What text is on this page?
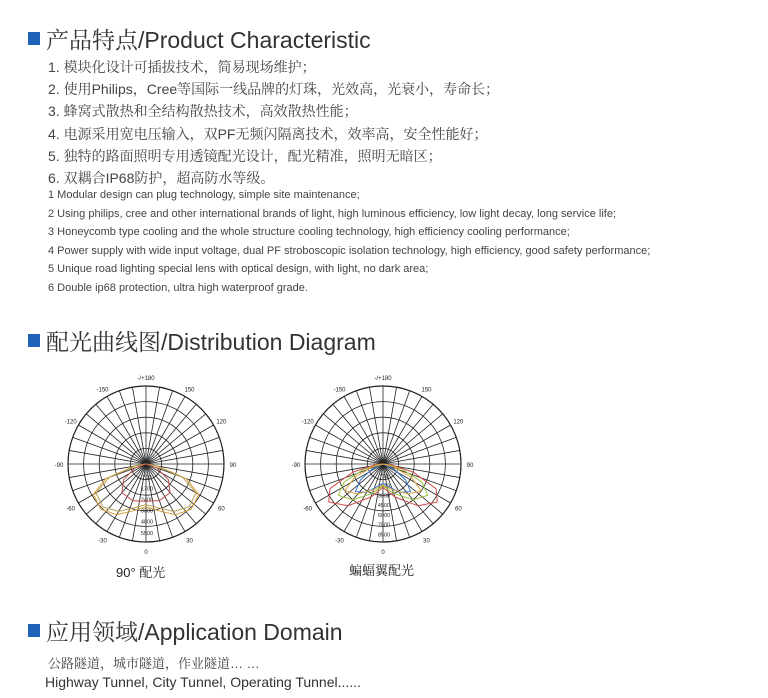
产品特点/Product Characteristic
1. 模块化设计可插拔技术，简易现场维护；
2. 使用Philips，Cree等国际一线品牌的灯珠，光效高，光衰小，寿命长；
3. 蜂窝式散热和全结构散热技术，高效散热性能；
4. 电源采用宽电压输入，双PF无频闪隔离技术，效率高，安全性能好；
5. 独特的路面照明专用透镜配光设计，配光精准，照明无暗区；
6. 双耦合IP68防护，超高防水等级。
1 Modular design can plug technology, simple site maintenance;
2 Using philips, cree and other international brands of light, high luminous efficiency, low light decay, long service life;
3 Honeycomb type cooling and the whole structure cooling technology, high efficiency cooling performance;
4 Power supply with wide input voltage, dual PF stroboscopic isolation technology, high efficiency, good safety performance;
5 Unique road lighting special lens with optical design, with light, no dark area;
6 Double ip68 protection, ultra high waterproof grade.
配光曲线图/Distribution Diagram
-/+180
-150	150
-120	120
-90	90
-60	60
-30	30
0
700
1700
2400
3300
4000
5500
90° 配光
-/+180
-150	150
-120	120
-90	90
-60	60
-30	30
0
750
1500
3000
4500
6000
7500
8500
蝙蝠翼配光
应用领域/Application Domain
公路隧道，城市隧道，作业隧道… …
Highway Tunnel, City Tunnel, Operating Tunnel......
